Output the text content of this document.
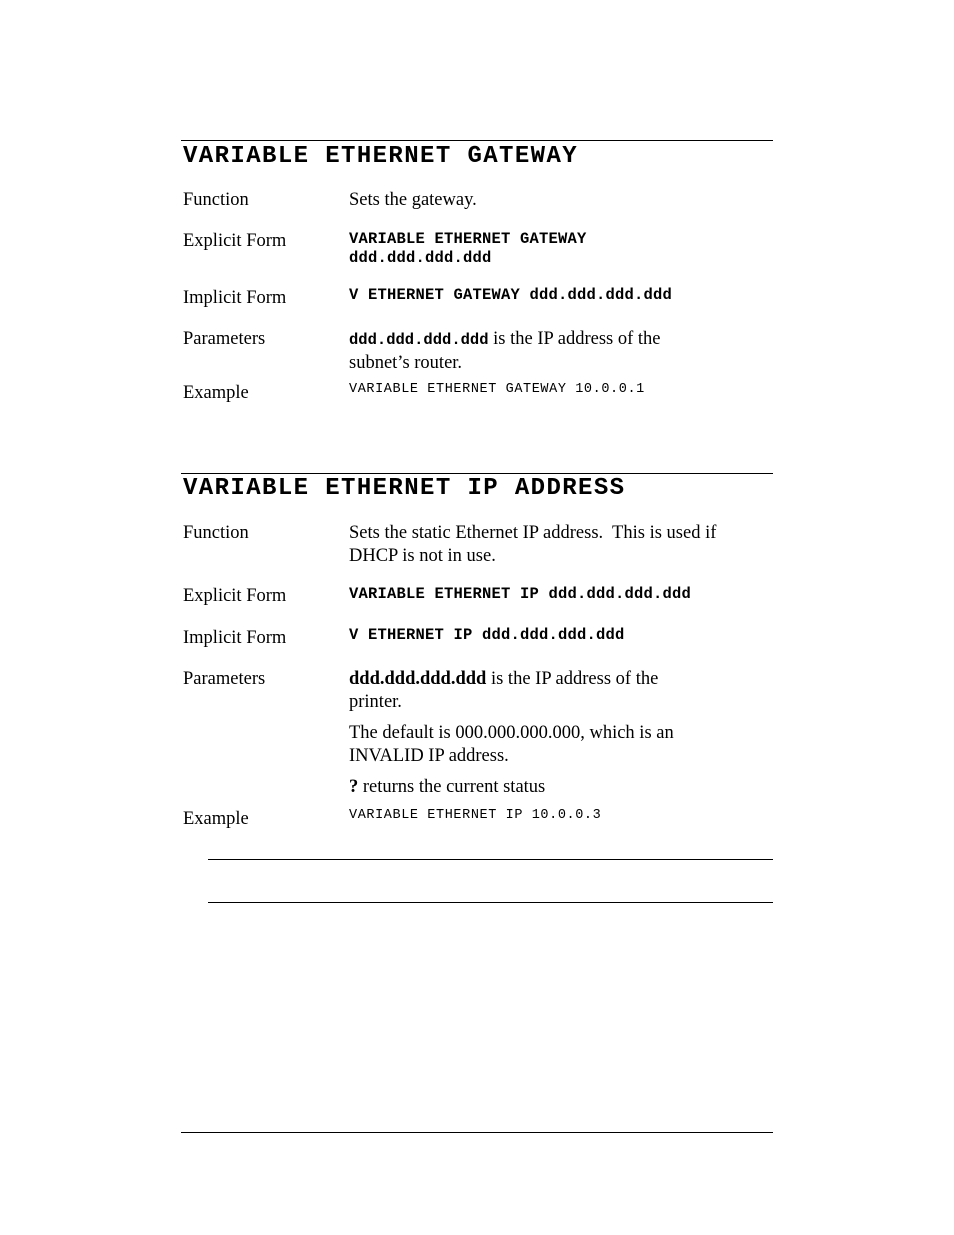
VARIABLE ETHERNET GATEWAY
Function	Sets the gateway.
Explicit Form	VARIABLE ETHERNET GATEWAY
ddd.ddd.ddd.ddd
Implicit Form	V ETHERNET GATEWAY ddd.ddd.ddd.ddd
Parameters	ddd.ddd.ddd.ddd is the IP address of the
subnet’s router.
Example	VARIABLE ETHERNET GATEWAY 10.0.0.1
VARIABLE ETHERNET IP ADDRESS
Function	Sets the static Ethernet IP address.  This is used if
DHCP is not in use.
Explicit Form	VARIABLE ETHERNET IP ddd.ddd.ddd.ddd
Implicit Form	V ETHERNET IP ddd.ddd.ddd.ddd
Parameters	ddd.ddd.ddd.ddd is the IP address of the
printer.
The default is 000.000.000.000, which is an
INVALID IP address.
? returns the current status
Example	VARIABLE ETHERNET IP 10.0.0.3
